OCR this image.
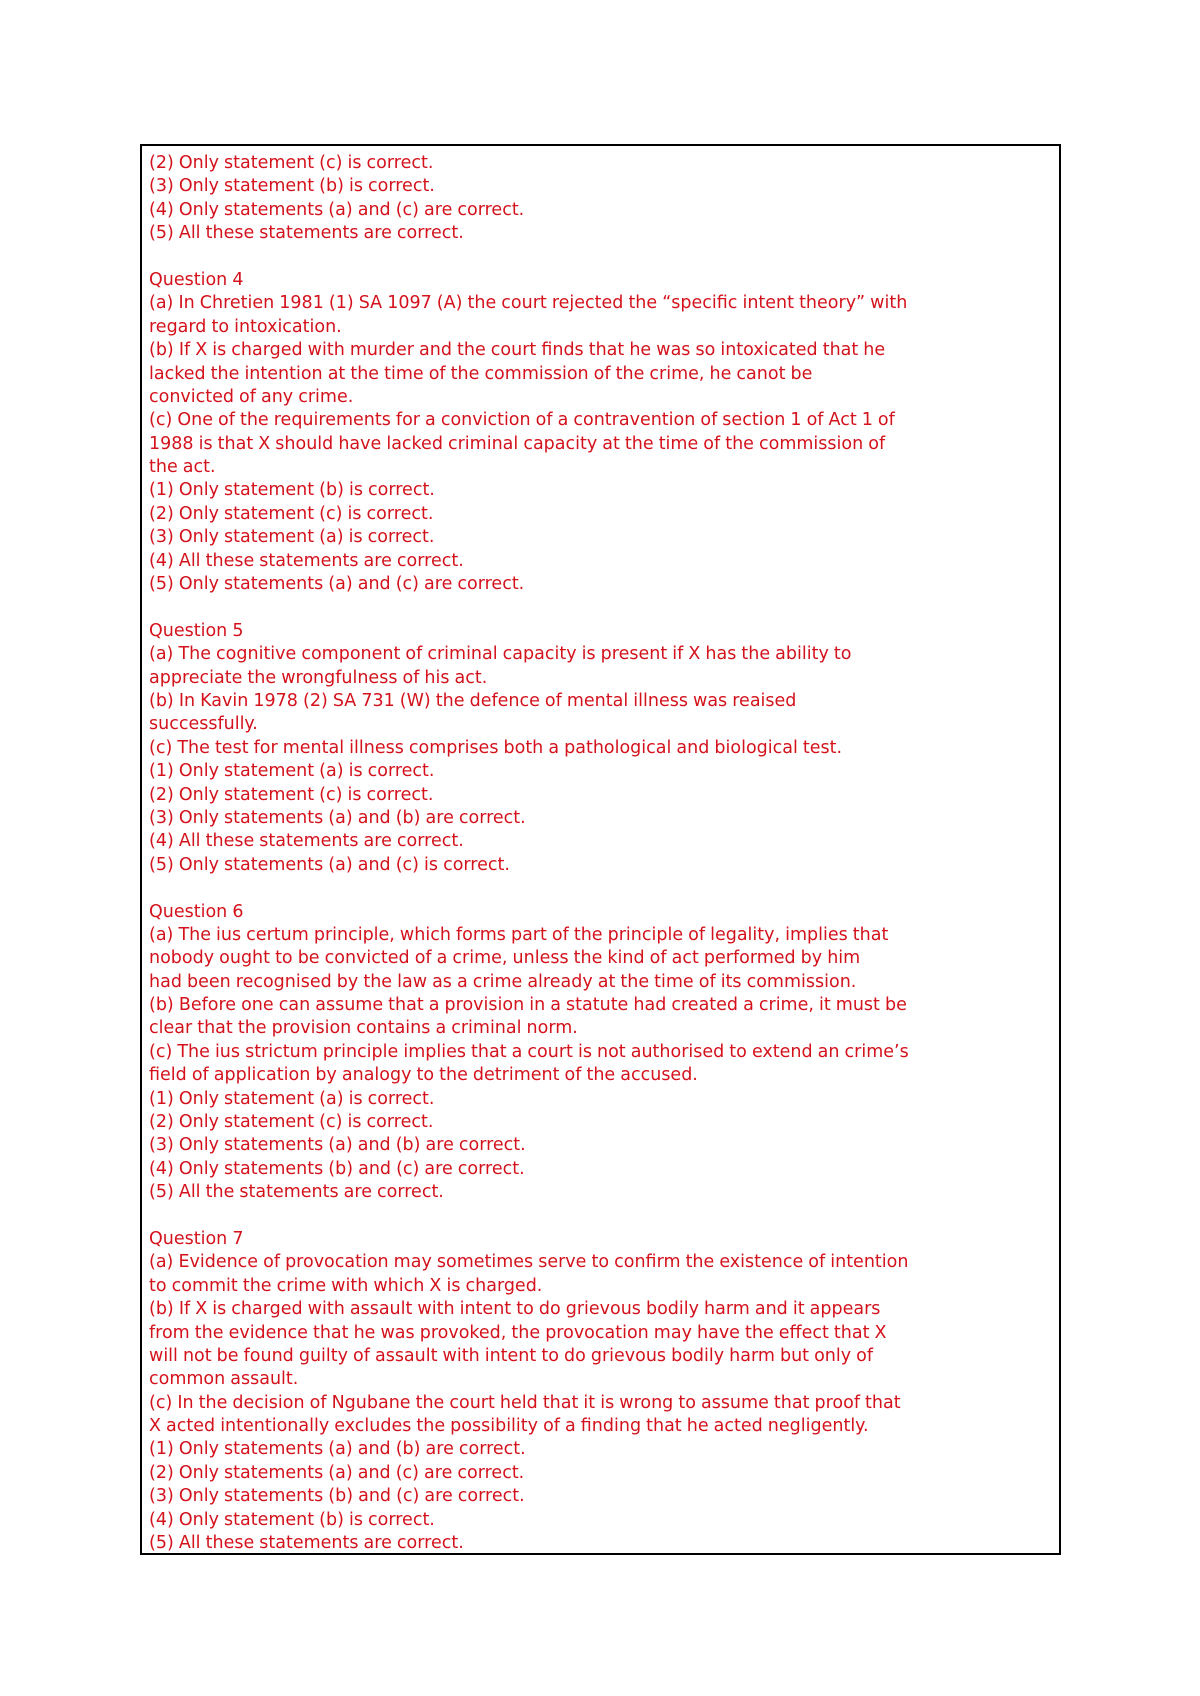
(2) Only statement (c) is correct.
(3) Only statement (b) is correct.
(4) Only statements (a) and (c) are correct.
(5) All these statements are correct.
Question 4
(a) In Chretien 1981 (1) SA 1097 (A) the court rejected the “specific intent theory” with
regard to intoxication.
(b) If X is charged with murder and the court finds that he was so intoxicated that he
lacked the intention at the time of the commission of the crime, he canot be
convicted of any crime.
(c) One of the requirements for a conviction of a contravention of section 1 of Act 1 of
1988 is that X should have lacked criminal capacity at the time of the commission of
the act.
(1) Only statement (b) is correct.
(2) Only statement (c) is correct.
(3) Only statement (a) is correct.
(4) All these statements are correct.
(5) Only statements (a) and (c) are correct.
Question 5
(a) The cognitive component of criminal capacity is present if X has the ability to
appreciate the wrongfulness of his act.
(b) In Kavin 1978 (2) SA 731 (W) the defence of mental illness was reaised
successfully.
(c) The test for mental illness comprises both a pathological and biological test.
(1) Only statement (a) is correct.
(2) Only statement (c) is correct.
(3) Only statements (a) and (b) are correct.
(4) All these statements are correct.
(5) Only statements (a) and (c) is correct.
Question 6
(a) The ius certum principle, which forms part of the principle of legality, implies that
nobody ought to be convicted of a crime, unless the kind of act performed by him
had been recognised by the law as a crime already at the time of its commission.
(b) Before one can assume that a provision in a statute had created a crime, it must be
clear that the provision contains a criminal norm.
(c) The ius strictum principle implies that a court is not authorised to extend an crime’s
field of application by analogy to the detriment of the accused.
(1) Only statement (a) is correct.
(2) Only statement (c) is correct.
(3) Only statements (a) and (b) are correct.
(4) Only statements (b) and (c) are correct.
(5) All the statements are correct.
Question 7
(a) Evidence of provocation may sometimes serve to confirm the existence of intention
to commit the crime with which X is charged.
(b) If X is charged with assault with intent to do grievous bodily harm and it appears
from the evidence that he was provoked, the provocation may have the effect that X
will not be found guilty of assault with intent to do grievous bodily harm but only of
common assault.
(c) In the decision of Ngubane the court held that it is wrong to assume that proof that
X acted intentionally excludes the possibility of a finding that he acted negligently.
(1) Only statements (a) and (b) are correct.
(2) Only statements (a) and (c) are correct.
(3) Only statements (b) and (c) are correct.
(4) Only statement (b) is correct.
(5) All these statements are correct.
